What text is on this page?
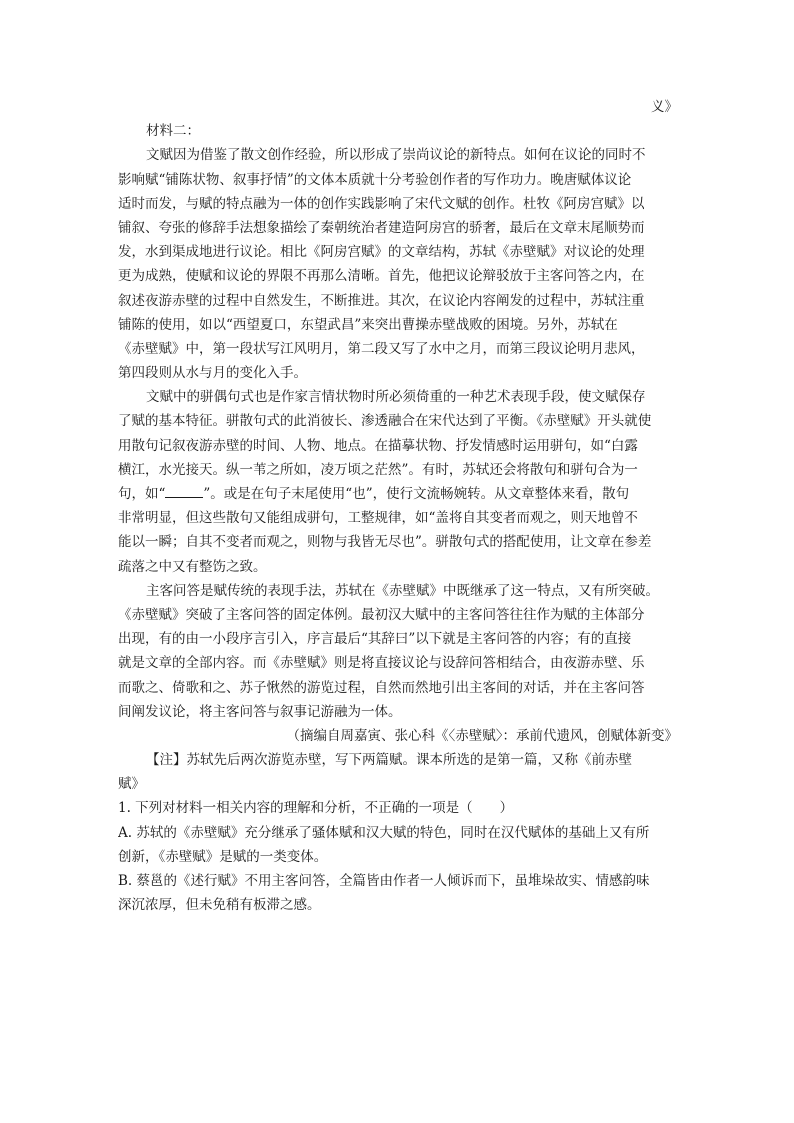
义》
材料二：
文赋因为借鉴了散文创作经验，所以形成了崇尚议论的新特点。如何在议论的同时不
影响赋“铺陈状物、叙事抒情”的文体本质就十分考验创作者的写作功力。晚唐赋体议论
适时而发，与赋的特点融为一体的创作实践影响了宋代文赋的创作。杜牧《阿房宫赋》以
铺叙、夸张的修辞手法想象描绘了秦朝统治者建造阿房宫的骄奢，最后在文章末尾顺势而
发，水到渠成地进行议论。相比《阿房宫赋》的文章结构，苏轼《赤壁赋》对议论的处理
更为成熟，使赋和议论的界限不再那么清晰。首先，他把议论辩驳放于主客问答之内，在
叙述夜游赤壁的过程中自然发生，不断推进。其次，在议论内容阐发的过程中，苏轼注重
铺陈的使用，如以“西望夏口，东望武昌”来突出曹操赤壁战败的困境。另外，苏轼在
《赤壁赋》中，第一段状写江风明月，第二段又写了水中之月，而第三段议论明月悲风，
第四段则从水与月的变化入手。
文赋中的骈偶句式也是作家言情状物时所必须倚重的一种艺术表现手段，使文赋保存
了赋的基本特征。骈散句式的此消彼长、渗透融合在宋代达到了平衡。《赤壁赋》开头就使
用散句记叙夜游赤壁的时间、人物、地点。在描摹状物、抒发情感时运用骈句，如“白露
横江，水光接天。纵一苇之所如，凌万顷之茫然”。有时，苏轼还会将散句和骈句合为一
句，如“	”。或是在句子末尾使用“也”，使行文流畅婉转。从文章整体来看，散句
非常明显，但这些散句又能组成骈句，工整规律，如“盖将自其变者而观之，则天地曾不
能以一瞬；自其不变者而观之，则物与我皆无尽也”。骈散句式的搭配使用，让文章在参差
疏落之中又有整饬之致。
主客问答是赋传统的表现手法，苏轼在《赤壁赋》中既继承了这一特点，又有所突破。
《赤壁赋》突破了主客问答的固定体例。最初汉大赋中的主客问答往往作为赋的主体部分
出现，有的由一小段序言引入，序言最后“其辞曰”以下就是主客问答的内容；有的直接
就是文章的全部内容。而《赤壁赋》则是将直接议论与设辞问答相结合，由夜游赤壁、乐
而歌之、倚歌和之、苏子愀然的游览过程，自然而然地引出主客间的对话，并在主客问答
间阐发议论，将主客问答与叙事记游融为一体。
（摘编自周嘉寅、张心科《〈赤壁赋〉：承前代遗风，创赋体新变》
【注】苏轼先后两次游览赤壁，写下两篇赋。课本所选的是第一篇，又称《前赤壁
赋》
1. 下列对材料一相关内容的理解和分析，不正确的一项是（　　）
A. 苏轼的《赤壁赋》充分继承了骚体赋和汉大赋的特色，同时在汉代赋体的基础上又有所
创新，《赤壁赋》是赋的一类变体。
B. 蔡邕的《述行赋》不用主客问答，全篇皆由作者一人倾诉而下，虽堆垛故实、情感韵味
深沉浓厚，但未免稍有板滞之感。
